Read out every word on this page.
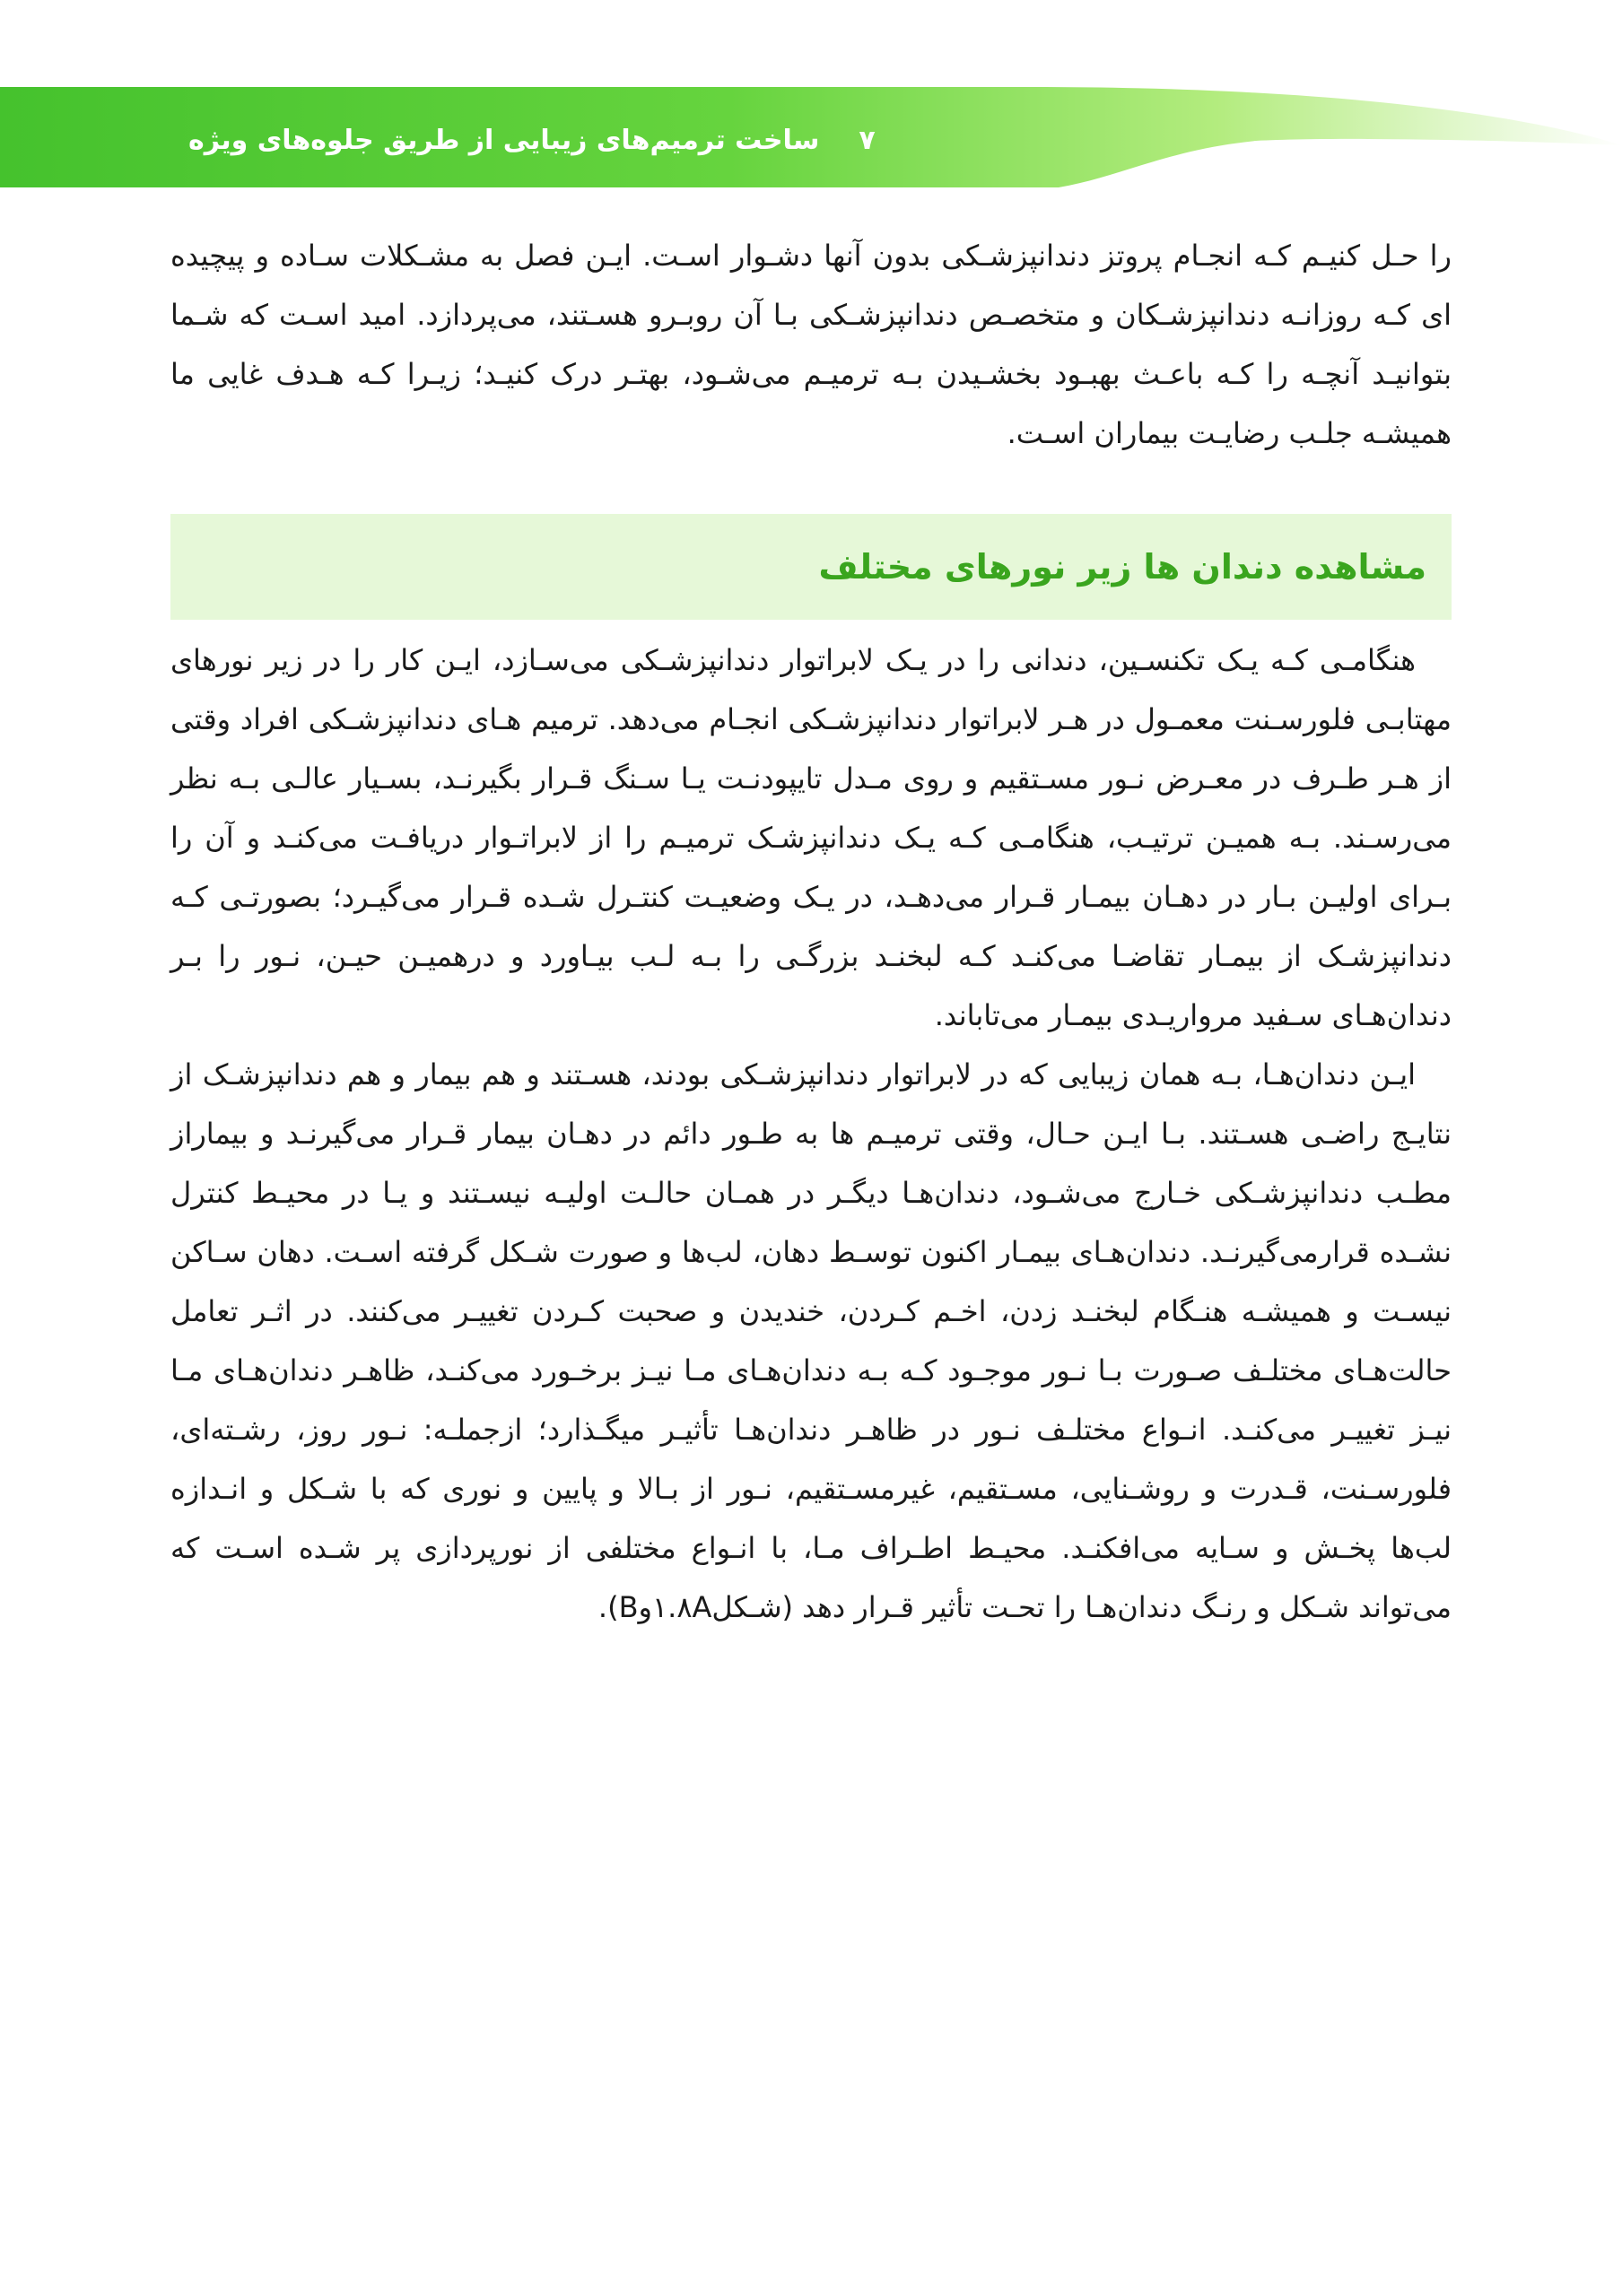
۷
ساخت ترمیم‌های زیبایی از طریق جلوه‌های ویژه

را حـل کنیـم کـه انجـام پروتز دندانپزشـکی بدون آنها دشـوار اسـت. ایـن فصل به مشـکلات سـاده و پیچیده ای کـه روزانـه دندانپزشـکان و متخصـص دندانپزشـکی بـا آن روبـرو هسـتند، می‌پردازد. امید اسـت که شـما بتوانیـد آنچـه را کـه باعـث بهبـود بخشـیدن بـه ترمیـم می‌شـود، بهتـر درک کنیـد؛ زیـرا کـه هـدف غایی ما همیشـه جلـب رضایـت بیماران اسـت.

مشاهده دندان ها زیر نورهای مختلف

هنگامـی کـه یـک تکنسـین، دندانی را در یـک لابراتوار دندانپزشـکی می‌سـازد، ایـن کار را در زیر نورهای مهتابـی فلورسـنت معمـول در هـر لابراتوار دندانپزشـکی انجـام می‌دهد. ترمیم هـای دندانپزشـکی افراد وقتی از هـر طـرف در معـرض نـور مسـتقیم و روی مـدل تایپودنـت یـا سـنگ قـرار بگیرنـد، بسـیار عالـی بـه نظر می‌رسـند. بـه همیـن ترتیـب، هنگامـی کـه یـک دندانپزشـک ترمیـم را از لابراتـوار دریافـت می‌کنـد و آن را بـرای اولیـن بـار در دهـان بیمـار قـرار می‌دهـد، در یـک وضعیـت کنتـرل شـده قـرار می‌گیـرد؛ بصورتـی کـه دندانپزشـک از بیمـار تقاضـا می‌کنـد کـه لبخنـد بزرگـی را بـه لـب بیـاورد و درهمیـن حیـن، نـور را بـر دندان‌هـای سـفید مرواریـدی بیمـار می‌تاباند.

ایـن دندان‌هـا، بـه همان زیبایی که در لابراتوار دندانپزشـکی بودند، هسـتند و هم بیمار و هم دندانپزشـک از نتایـج راضـی هسـتند. بـا ایـن حـال، وقتی ترمیـم ها به طـور دائم در دهـان بیمار قـرار می‌گیرنـد و بیماراز مطـب دندانپزشـکی خـارج می‌شـود، دندان‌هـا دیگـر در همـان حالـت اولیـه نیسـتند و یـا در محیـط کنترل نشـده قرارمی‌گیرنـد. دندان‌هـای بیمـار اکنون توسـط دهان، لب‌ها و صورت شـکل گرفته اسـت. دهان سـاکن نیسـت و همیشـه هنـگام لبخنـد زدن، اخـم کـردن، خندیدن و صحبت کـردن تغییـر می‌کنند. در اثـر تعامل حالت‌هـای مختلـف صـورت بـا نـور موجـود کـه بـه دندان‌هـای مـا نیـز برخـورد می‌کنـد، ظاهـر دندان‌هـای مـا نیـز تغییـر می‌کنـد. انـواع مختلـف نـور در ظاهـر دندان‌هـا تأثیـر میگـذارد؛ ازجملـه: نـور روز، رشـته‌ای، فلورسـنت، قـدرت و روشـنایی، مسـتقیم، غیرمسـتقیم، نـور از بـالا و پایین و نوری که با شـکل و انـدازه لب‌ها پخـش و سـایه می‌افکنـد. محیـط اطـراف مـا، با انـواع مختلفی از نورپردازی پر شـده اسـت که می‌تواند شـکل و رنـگ دندان‌هـا را تحـت تأثیر قـرار دهد (شـکل۱.۸Aو‌B).
